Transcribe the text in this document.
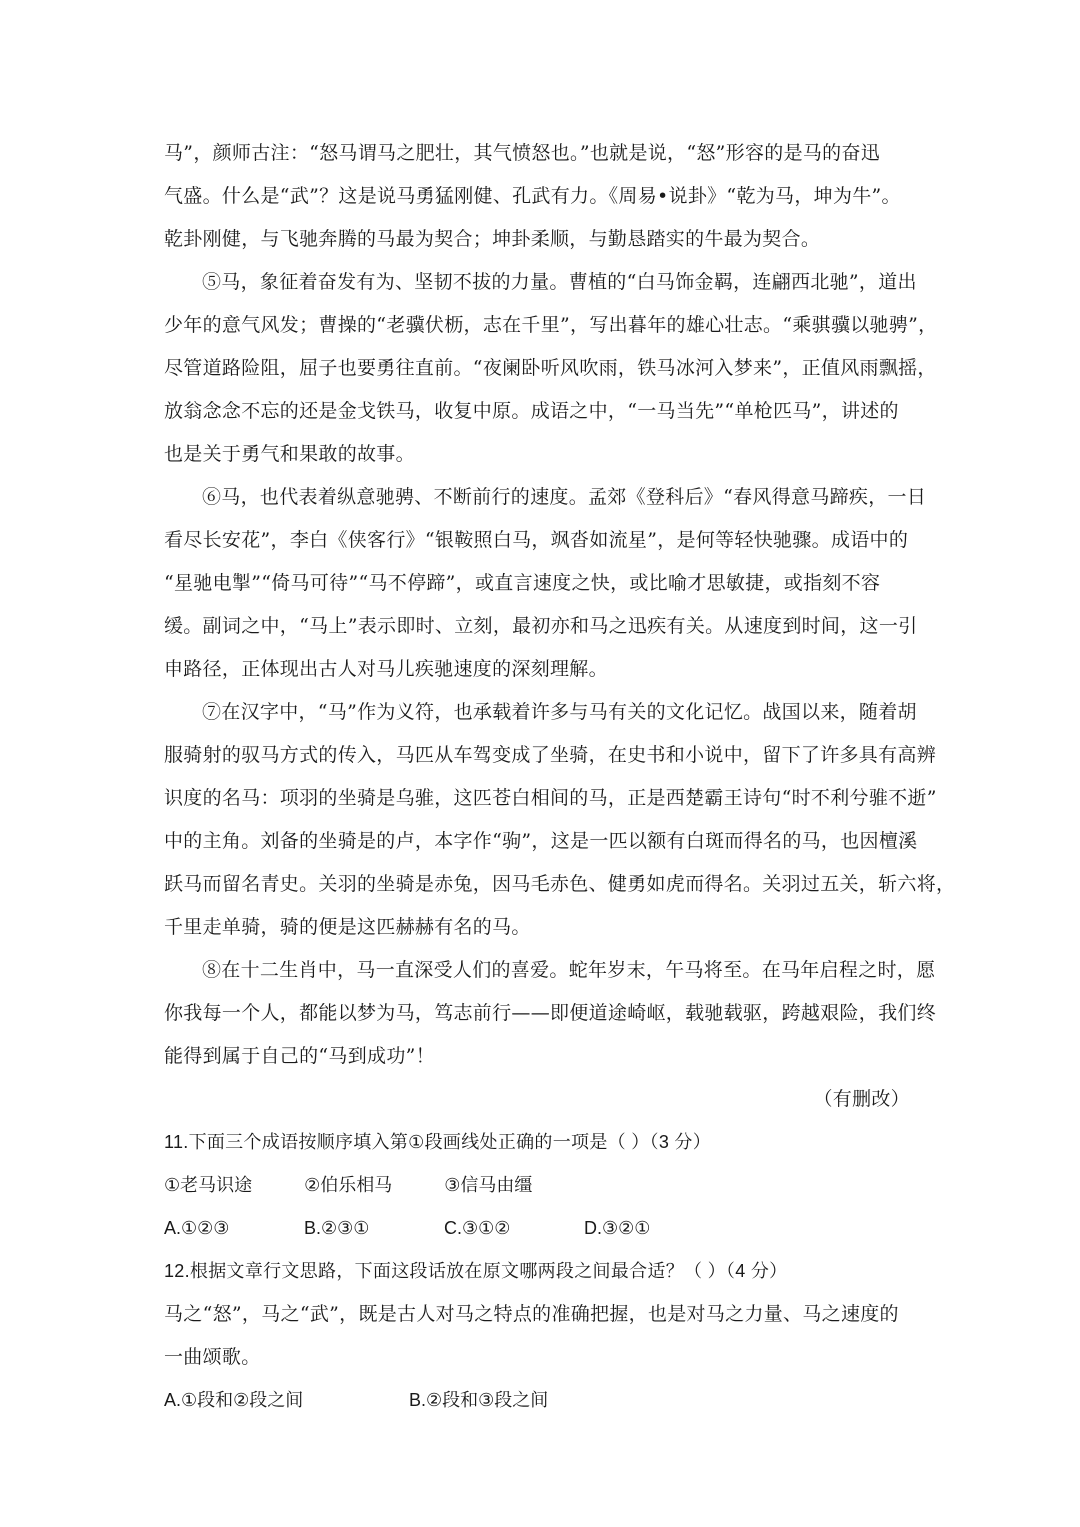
马”，颜师古注：“怒马谓马之肥壮，其气愤怒也。”也就是说，“怒”形容的是马的奋迅
气盛。什么是“武”？这是说马勇猛刚健、孔武有力。《周易•说卦》“乾为马，坤为牛”。
乾卦刚健，与飞驰奔腾的马最为契合；坤卦柔顺，与勤恳踏实的牛最为契合。
⑤马，象征着奋发有为、坚韧不拔的力量。曹植的“白马饰金羁，连翩西北驰”，道出
少年的意气风发；曹操的“老骥伏枥，志在千里”，写出暮年的雄心壮志。“乘骐骥以驰骋”，
尽管道路险阻，屈子也要勇往直前。“夜阑卧听风吹雨，铁马冰河入梦来”，正值风雨飘摇，
放翁念念不忘的还是金戈铁马，收复中原。成语之中，“一马当先”“单枪匹马”，讲述的
也是关于勇气和果敢的故事。
⑥马，也代表着纵意驰骋、不断前行的速度。孟郊《登科后》“春风得意马蹄疾，一日
看尽长安花”，李白《侠客行》“银鞍照白马，飒沓如流星”，是何等轻快驰骤。成语中的
“星驰电掣”“倚马可待”“马不停蹄”，或直言速度之快，或比喻才思敏捷，或指刻不容
缓。副词之中，“马上”表示即时、立刻，最初亦和马之迅疾有关。从速度到时间，这一引
申路径，正体现出古人对马儿疾驰速度的深刻理解。
⑦在汉字中，“马”作为义符，也承载着许多与马有关的文化记忆。战国以来，随着胡
服骑射的驭马方式的传入，马匹从车驾变成了坐骑，在史书和小说中，留下了许多具有高辨
识度的名马：项羽的坐骑是乌骓，这匹苍白相间的马，正是西楚霸王诗句“时不利兮骓不逝”
中的主角。刘备的坐骑是的卢，本字作“驹”，这是一匹以额有白斑而得名的马，也因檀溪
跃马而留名青史。关羽的坐骑是赤兔，因马毛赤色、健勇如虎而得名。关羽过五关，斩六将，
千里走单骑，骑的便是这匹赫赫有名的马。
⑧在十二生肖中，马一直深受人们的喜爱。蛇年岁末，午马将至。在马年启程之时，愿
你我每一个人，都能以梦为马，笃志前行——即便道途崎岖，载驰载驱，跨越艰险，我们终
能得到属于自己的“马到成功”！
（有删改）
11.下面三个成语按顺序填入第①段画线处正确的一项是（ ）（3 分）
①老马识途	②伯乐相马	③信马由缰
A.①②③	B.②③①	C.③①②	D.③②①
12.根据文章行文思路，下面这段话放在原文哪两段之间最合适？（ ）（4 分）
马之“怒”，马之“武”，既是古人对马之特点的准确把握，也是对马之力量、马之速度的
一曲颂歌。
A.①段和②段之间	B.②段和③段之间
